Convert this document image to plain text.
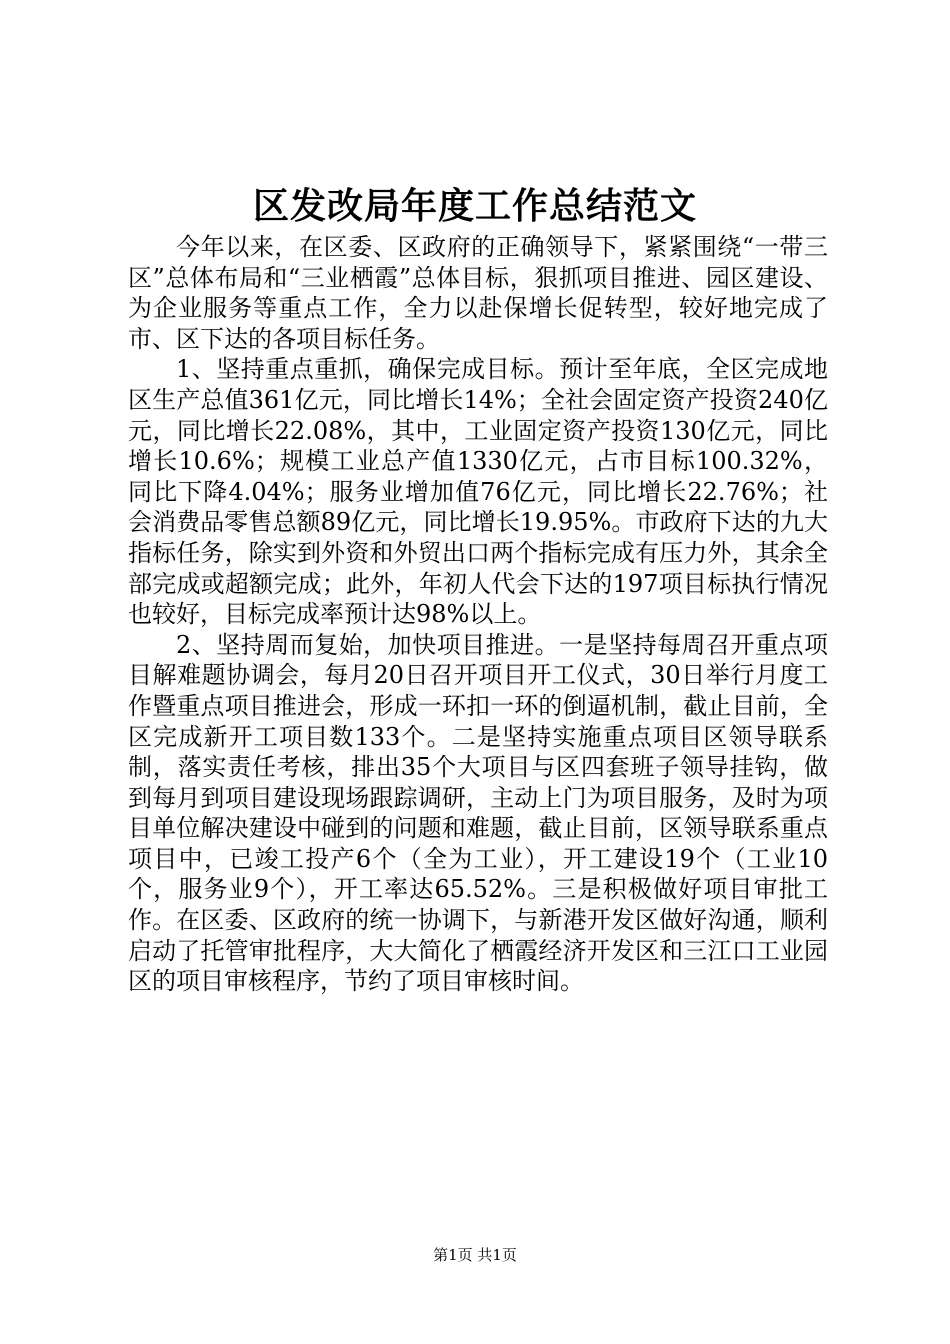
区发改局年度工作总结范文

今年以来，在区委、区政府的正确领导下，紧紧围绕“一带三区”总体布局和“三业栖霞”总体目标，狠抓项目推进、园区建设、为企业服务等重点工作，全力以赴保增长促转型，较好地完成了市、区下达的各项目标任务。

1、坚持重点重抓，确保完成目标。预计至年底，全区完成地区生产总值361亿元，同比增长14%；全社会固定资产投资240亿元，同比增长22.08%，其中，工业固定资产投资130亿元，同比增长10.6%；规模工业总产值1330亿元，占市目标100.32%，同比下降4.04%；服务业增加值76亿元，同比增长22.76%；社会消费品零售总额89亿元，同比增长19.95%。市政府下达的九大指标任务，除实到外资和外贸出口两个指标完成有压力外，其余全部完成或超额完成；此外，年初人代会下达的197项目标执行情况也较好，目标完成率预计达98%以上。

2、坚持周而复始，加快项目推进。一是坚持每周召开重点项目解难题协调会，每月20日召开项目开工仪式，30日举行月度工作暨重点项目推进会，形成一环扣一环的倒逼机制，截止目前，全区完成新开工项目数133个。二是坚持实施重点项目区领导联系制，落实责任考核，排出35个大项目与区四套班子领导挂钩，做到每月到项目建设现场跟踪调研，主动上门为项目服务，及时为项目单位解决建设中碰到的问题和难题，截止目前，区领导联系重点项目中，已竣工投产6个（全为工业），开工建设19个（工业10个，服务业9个），开工率达65.52%。三是积极做好项目审批工作。在区委、区政府的统一协调下，与新港开发区做好沟通，顺利启动了托管审批程序，大大简化了栖霞经济开发区和三江口工业园区的项目审核程序，节约了项目审核时间。

第1页 共1页
